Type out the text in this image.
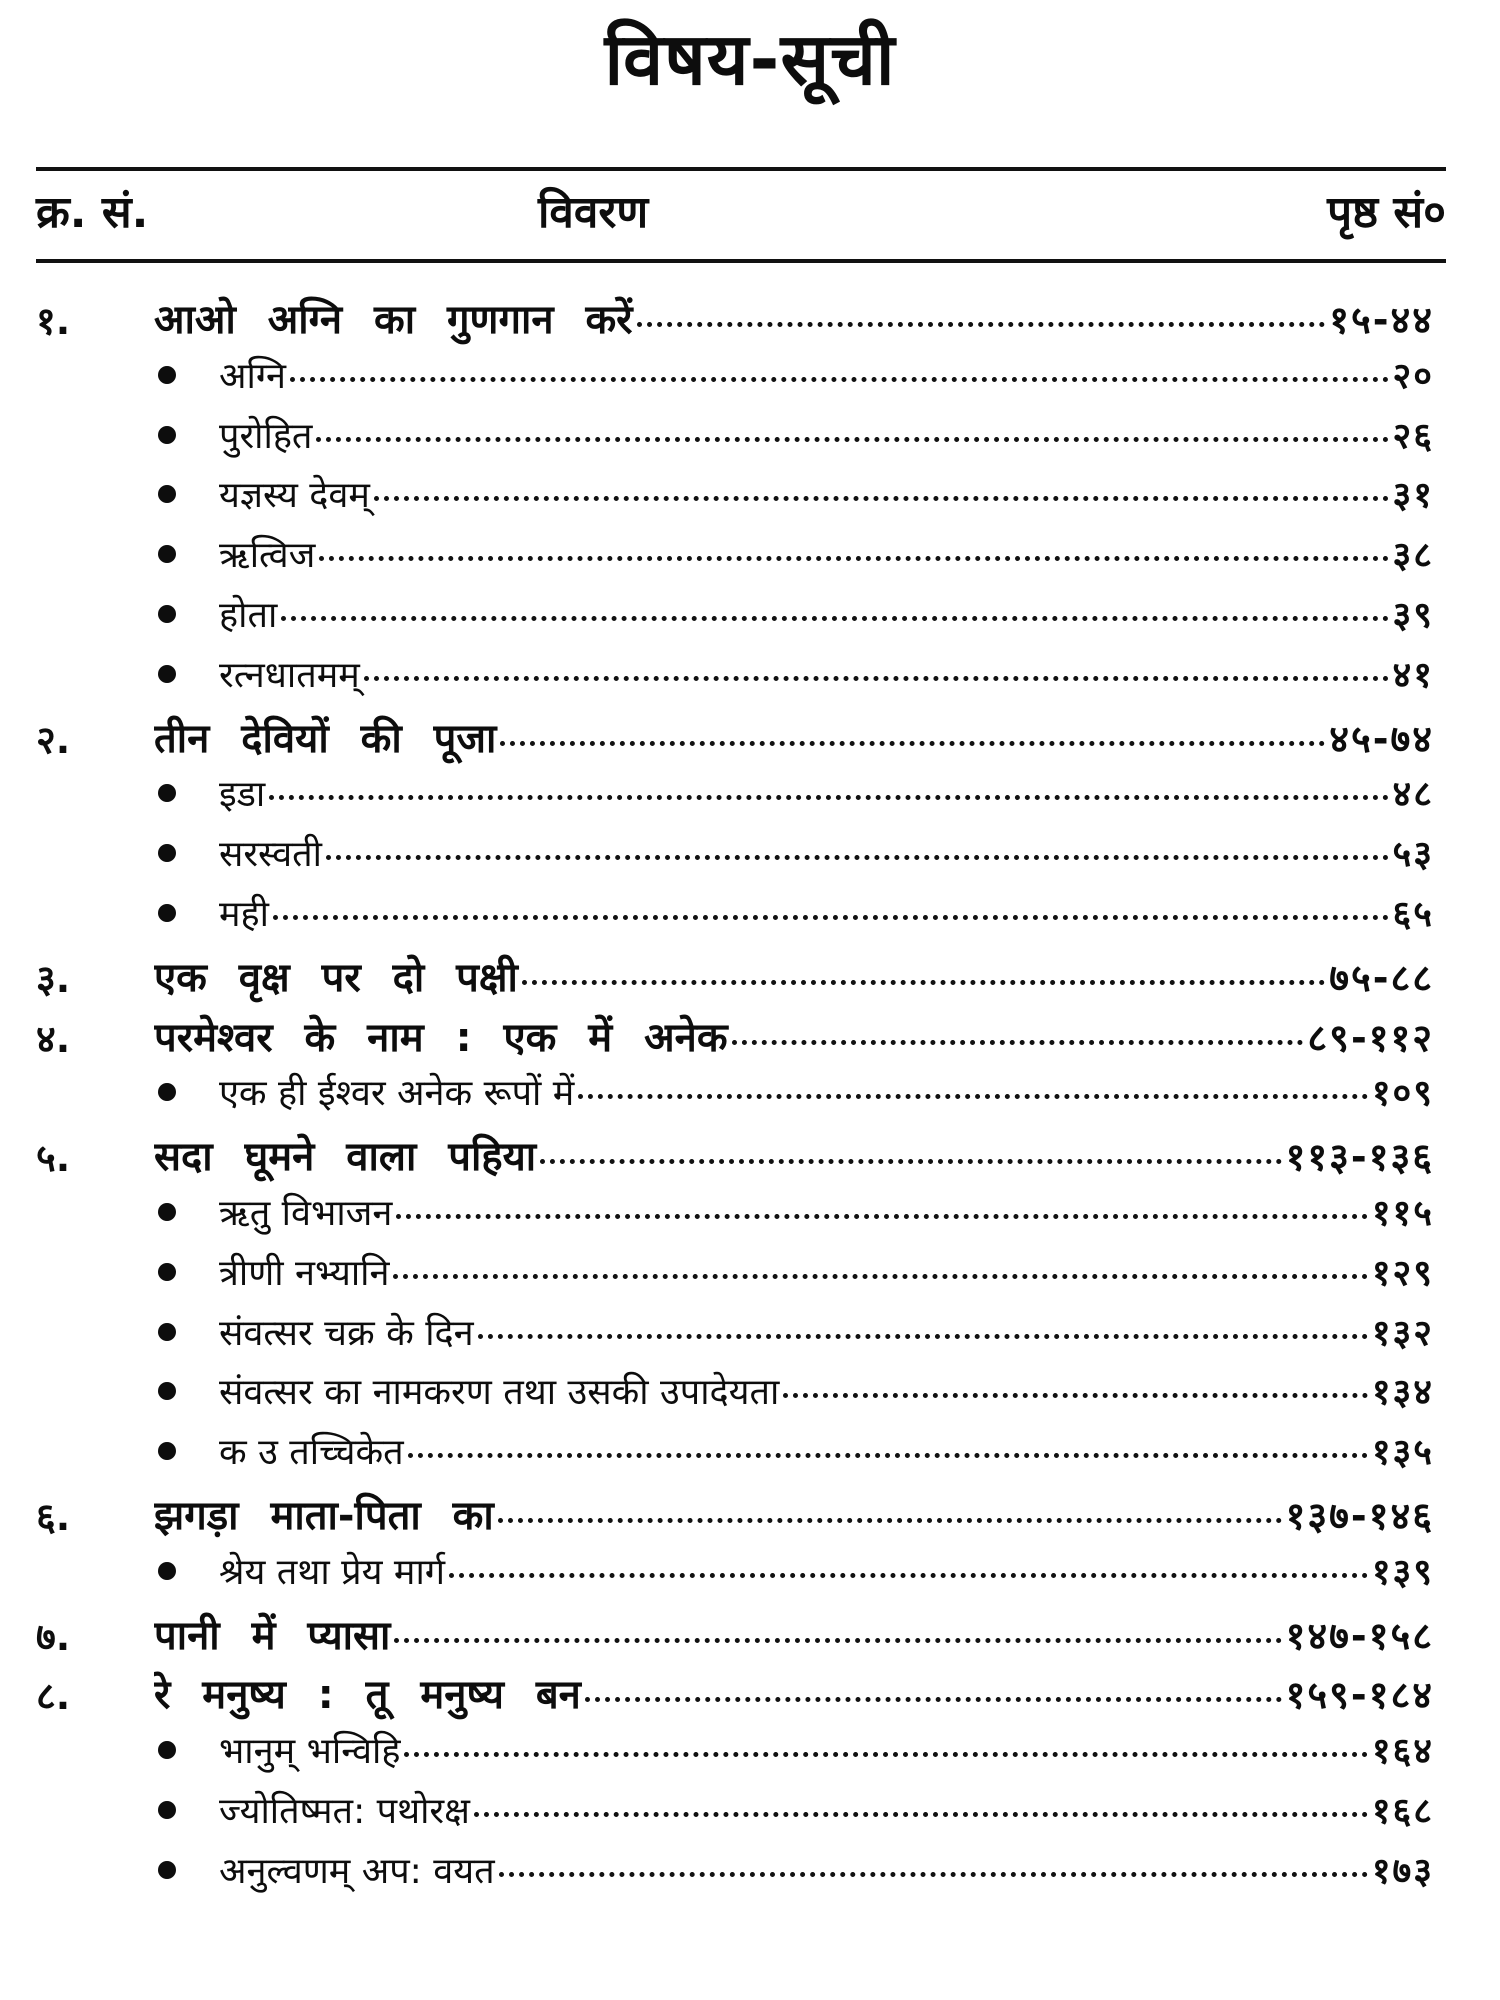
विषय-सूची
क्र. सं.	विवरण	पृष्ठ सं०
१.	आओ अग्नि का गुणगान करें	१५-४४
अग्नि	२०
पुरोहित	२६
यज्ञस्य देवम्	३१
ऋत्विज	३८
होता	३९
रत्नधातमम्	४१
२.	तीन देवियों की पूजा	४५-७४
इडा	४८
सरस्वती	५३
मही	६५
३.	एक वृक्ष पर दो पक्षी	७५-८८
४.	परमेश्वर के नाम : एक में अनेक	८९-११२
एक ही ईश्वर अनेक रूपों में	१०९
५.	सदा घूमने वाला पहिया	११३-१३६
ऋतु विभाजन	११५
त्रीणी नभ्यानि	१२९
संवत्सर चक्र के दिन	१३२
संवत्सर का नामकरण तथा उसकी उपादेयता	१३४
क उ तच्चिकेत	१३५
६.	झगड़ा माता-पिता का	१३७-१४६
श्रेय तथा प्रेय मार्ग	१३९
७.	पानी में प्यासा	१४७-१५८
८.	रे मनुष्य : तू मनुष्य बन	१५९-१८४
भानुम् भन्विहि	१६४
ज्योतिष्मत: पथोरक्ष	१६८
अनुल्वणम् अप: वयत	१७३
